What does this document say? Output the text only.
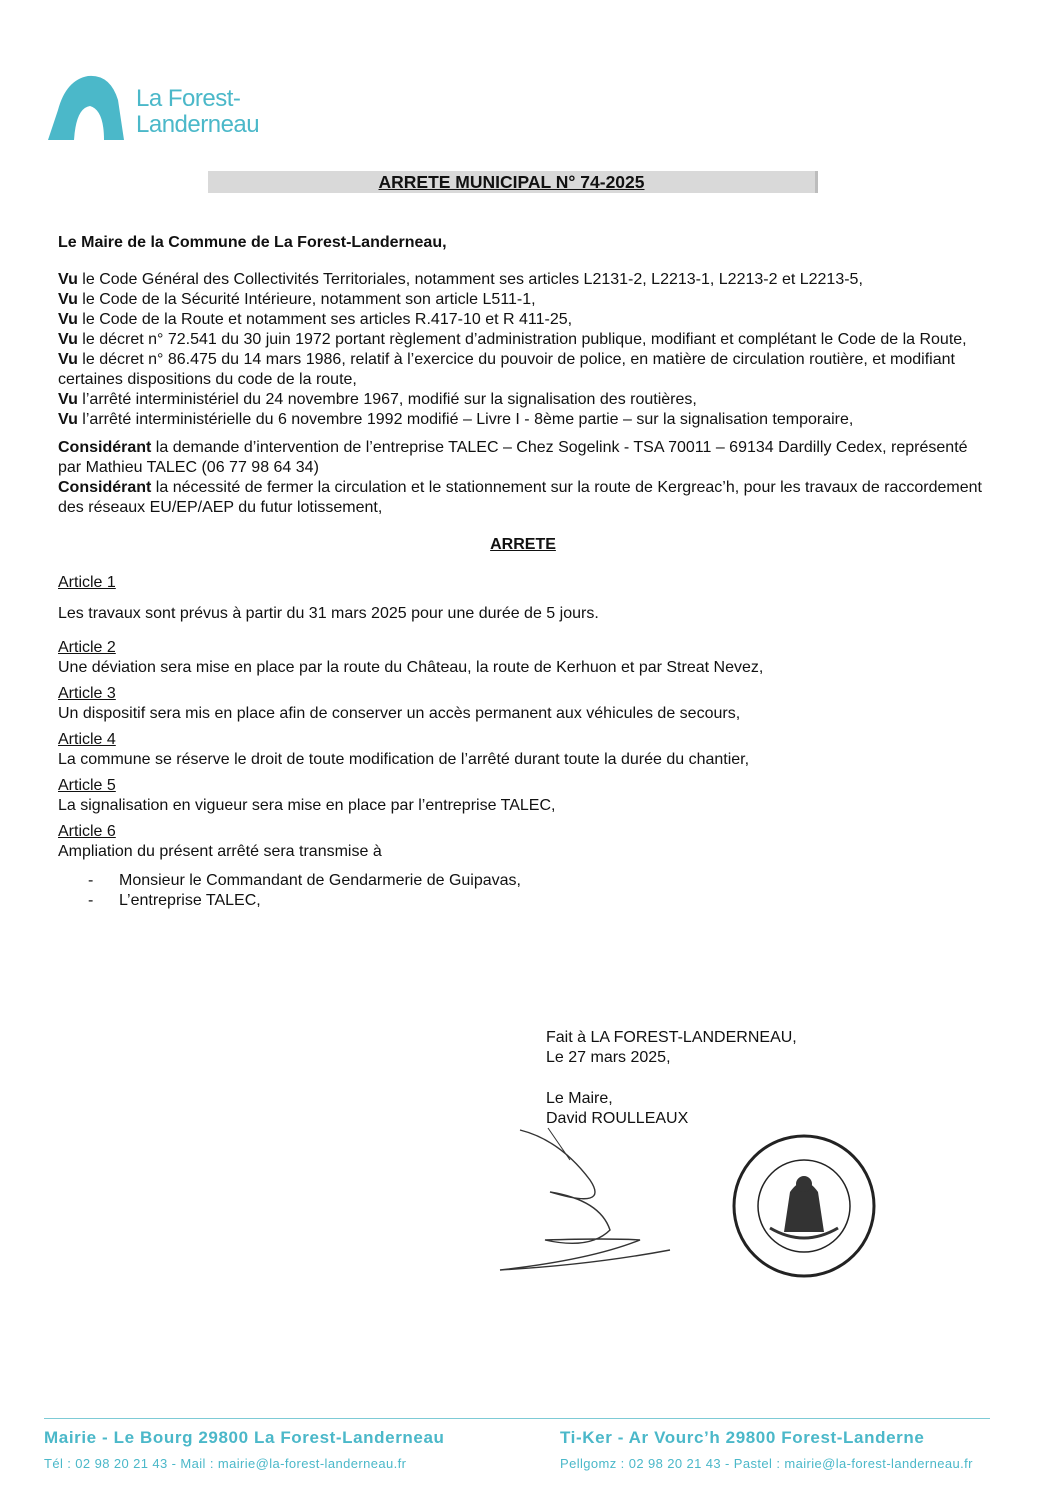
La Forest-
Landerneau
ARRETE MUNICIPAL N° 74-2025

Le Maire de la Commune de La Forest-Landerneau,

Vu le Code Général des Collectivités Territoriales, notamment ses articles L2131-2, L2213-1, L2213-2 et L2213-5,

Vu le Code de la Sécurité Intérieure, notamment son article L511-1,

Vu le Code de la Route et notamment ses articles R.417-10 et R 411-25,

Vu le décret n° 72.541 du 30 juin 1972 portant règlement d’administration publique, modifiant et complétant le Code de la Route,

Vu le décret n° 86.475 du 14 mars 1986, relatif à l’exercice du pouvoir de police, en matière de circulation routière, et modifiant certaines dispositions du code de la route,

Vu l’arrêté interministériel du 24 novembre 1967, modifié sur la signalisation des routières,

Vu l’arrêté interministérielle du 6 novembre 1992 modifié – Livre I - 8ème partie – sur la signalisation temporaire,

Considérant la demande d’intervention de l’entreprise TALEC – Chez Sogelink - TSA 70011 – 69134 Dardilly Cedex, représenté par Mathieu TALEC (06 77 98 64 34)

Considérant la nécessité de fermer la circulation et le stationnement sur la route de Kergreac’h, pour les travaux de raccordement des réseaux EU/EP/AEP du futur lotissement,

ARRETE

Article 1

Les travaux sont prévus à partir du 31 mars 2025 pour une durée de 5 jours.

Article 2

Une déviation sera mise en place par la route du Château, la route de Kerhuon et par Streat Nevez,

Article 3

Un dispositif sera mis en place afin de conserver un accès permanent aux véhicules de secours,

Article 4

La commune se réserve le droit de toute modification de l’arrêté durant toute la durée du chantier,

Article 5

La signalisation en vigueur sera mise en place par l’entreprise TALEC,

Article 6

Ampliation du présent arrêté sera transmise à

- Monsieur le Commandant de Gendarmerie de Guipavas,
- L’entreprise TALEC,

Fait à LA FOREST-LANDERNEAU,

Le 27 mars 2025,

Le Maire,

David ROULLEAUX

Mairie - Le Bourg 29800 La Forest-Landerneau
Tél : 02 98 20 21 43 - Mail : mairie@la-forest-landerneau.fr
Ti-Ker - Ar Vourc’h 29800 Forest-Landerne
Pellgomz : 02 98 20 21 43 - Pastel : mairie@la-forest-landerneau.fr
